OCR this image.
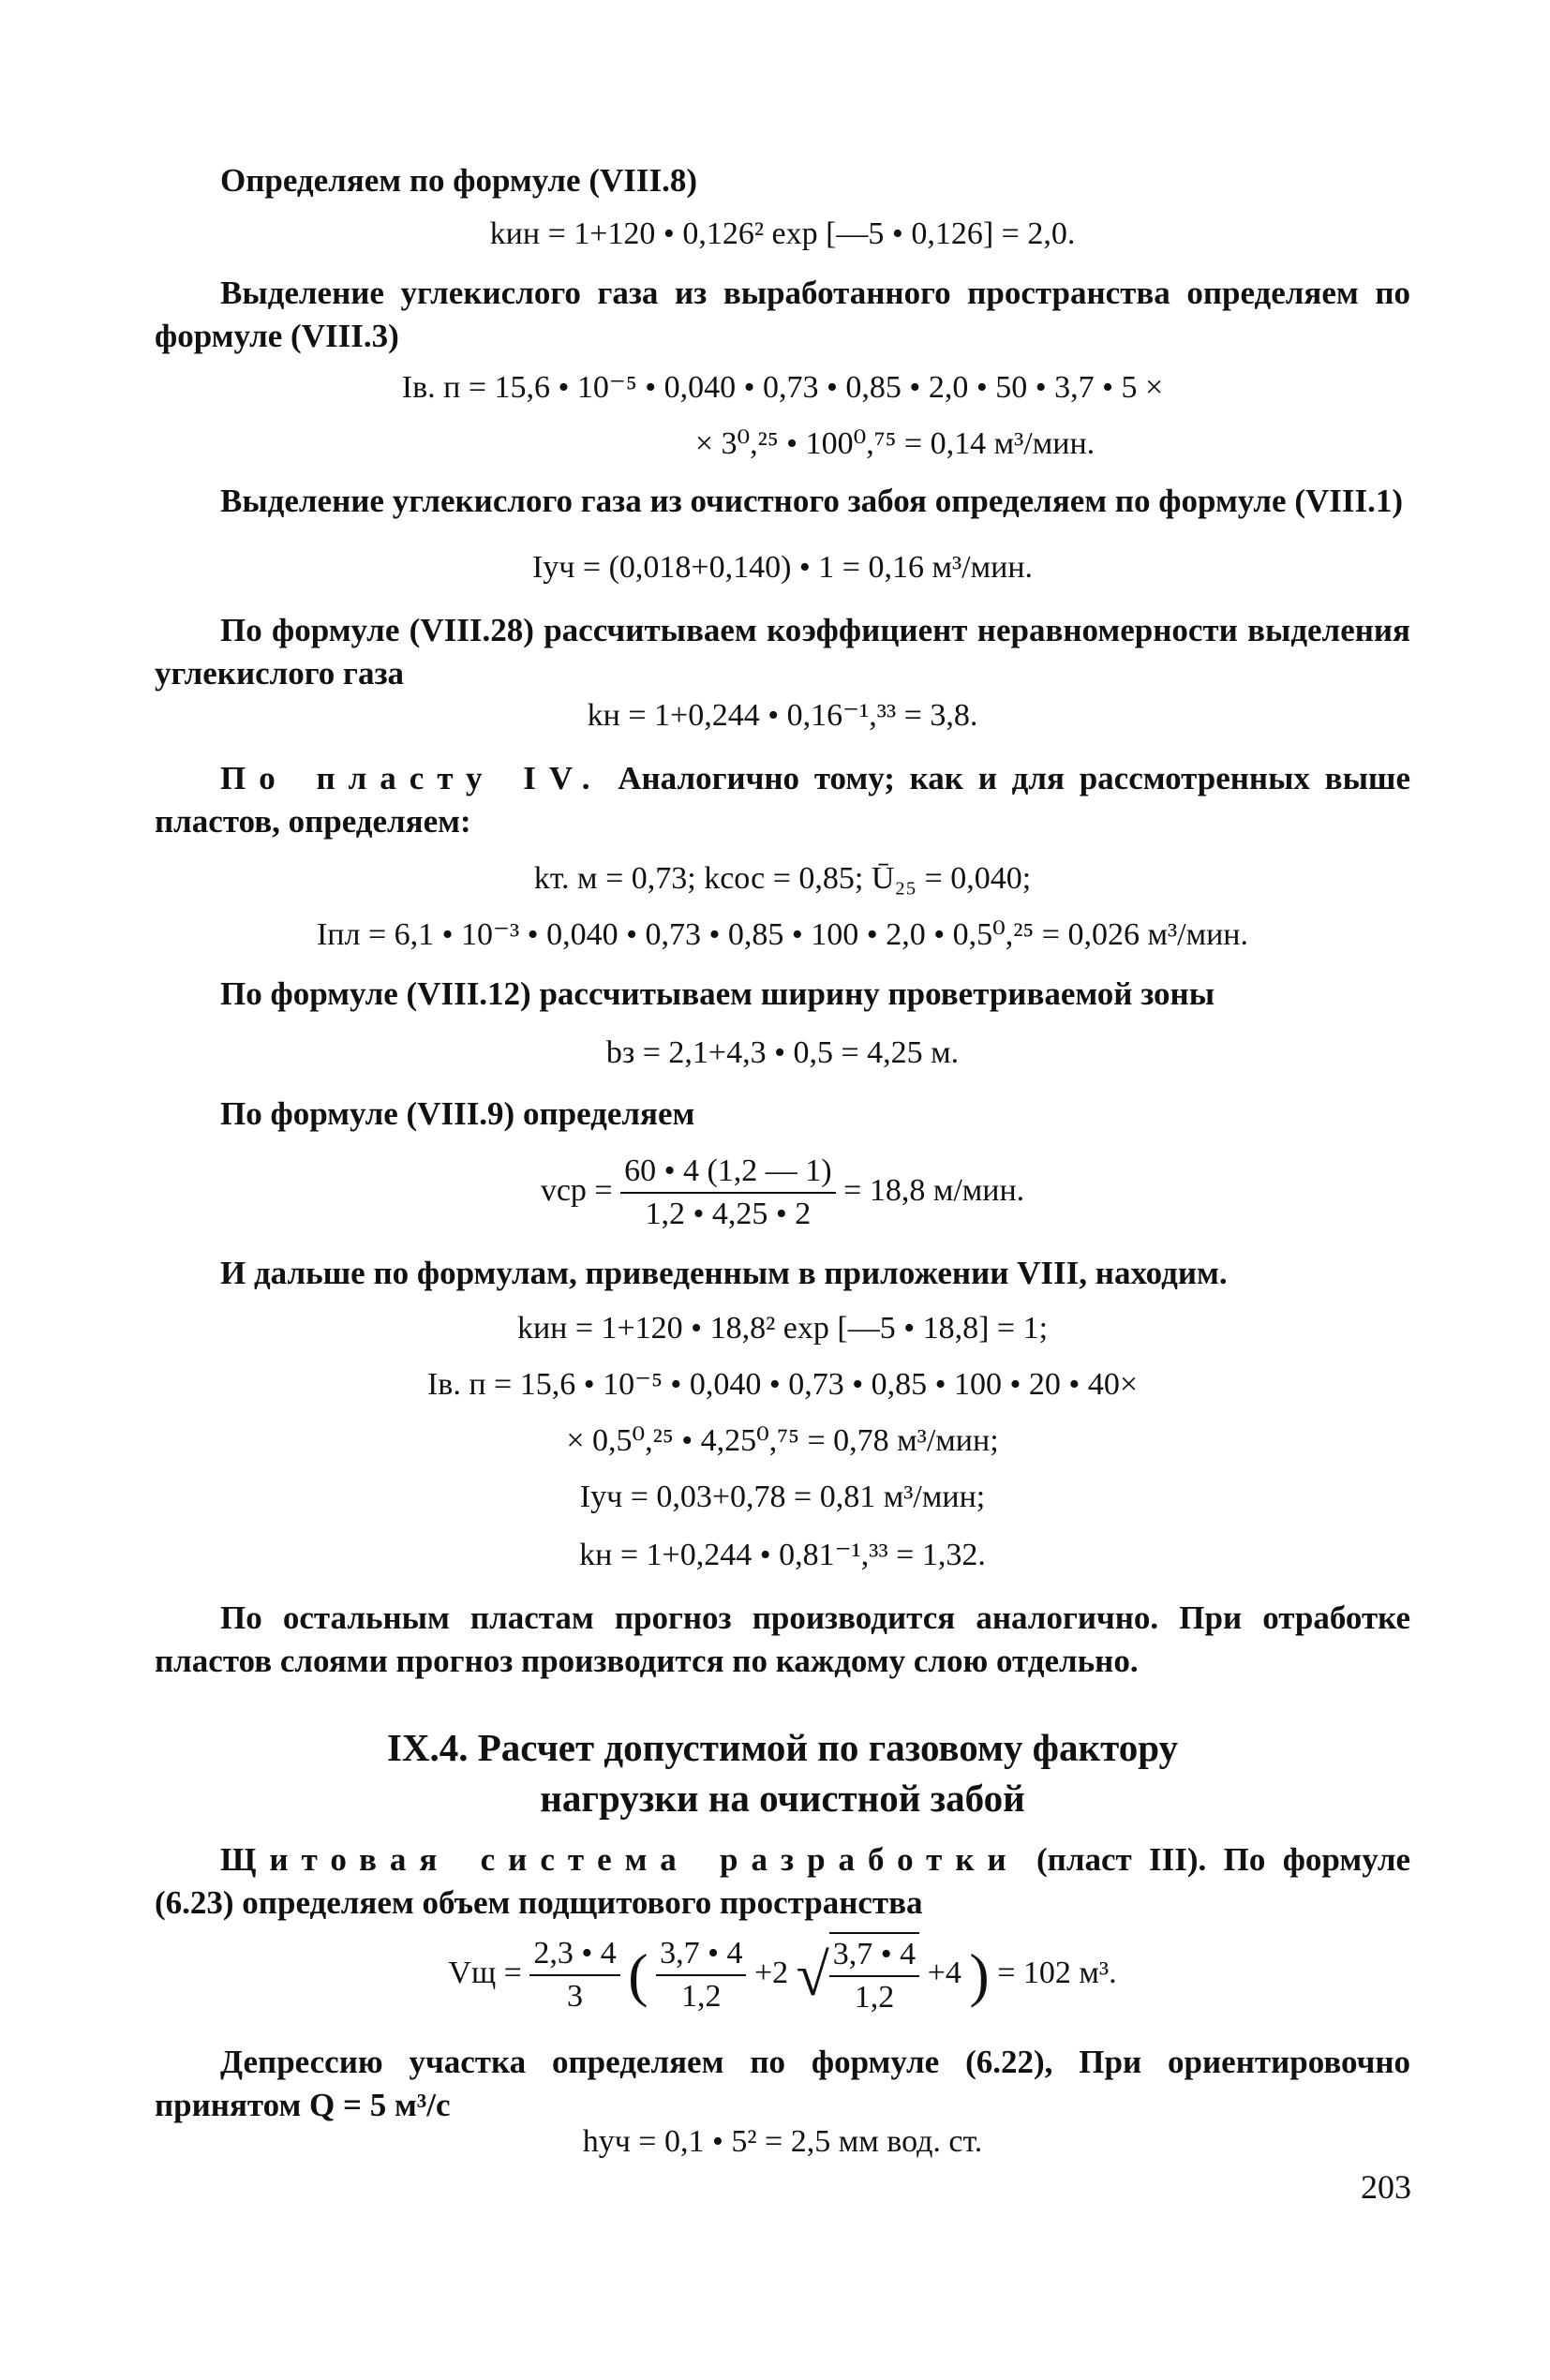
Определяем по формуле (VIII.8)
kин = 1+120 • 0,126² exp [—5 • 0,126] = 2,0.
Выделение углекислого газа из выработанного пространства определяем по формуле (VIII.3)
Iв. п = 15,6 • 10⁻⁵ • 0,040 • 0,73 • 0,85 • 2,0 • 50 • 3,7 • 5 ×
× 3⁰,²⁵ • 100⁰,⁷⁵ = 0,14 м³/мин.
Выделение углекислого газа из очистного забоя определяем по формуле (VIII.1)
Iуч = (0,018+0,140) • 1 = 0,16 м³/мин.
По формуле (VIII.28) рассчитываем коэффициент неравномерности выделения углекислого газа
kн = 1+0,244 • 0,16⁻¹,³³ = 3,8.
По пласту IV. Аналогично тому; как и для рассмотренных выше пластов, определяем:
kт. м = 0,73; kсос = 0,85; Ū₂₅ = 0,040;
Iпл = 6,1 • 10⁻³ • 0,040 • 0,73 • 0,85 • 100 • 2,0 • 0,5⁰,²⁵ = 0,026 м³/мин.
По формуле (VIII.12) рассчитываем ширину проветриваемой зоны
bз = 2,1+4,3 • 0,5 = 4,25 м.
По формуле (VIII.9) определяем
vср = $\frac{60 • 4 (1,2 — 1)}{1,2 • 4,25 • 2} = 18,8$ м/мин.
И дальше по формулам, приведенным в приложении VIII, находим.
kин = 1+120 • 18,8² exp [—5 • 18,8] = 1;
Iв. п = 15,6 • 10⁻⁵ • 0,040 • 0,73 • 0,85 • 100 • 20 • 40×
× 0,5⁰,²⁵ • 4,25⁰,⁷⁵ = 0,78 м³/мин;
Iуч = 0,03+0,78 = 0,81 м³/мин;
kн = 1+0,244 • 0,81⁻¹,³³ = 1,32.
По остальным пластам прогноз производится аналогично. При отработке пластов слоями прогноз производится по каждому слою отдельно.
IX.4. Расчет допустимой по газовому фактору
нагрузки на очистной забой
Щитовая система разработки (пласт III). По формуле (6.23) определяем объем подщитового пространства
Vщ = $\frac{2,3 • 4}{3}$ ( $\frac{3,7 • 4}{1,2} +2$ √ $\frac{3,7 • 4}{1,2} +4$ ) = 102 м³.
Депрессию участка определяем по формуле (6.22), При ориентировочно принятом Q = 5 м³/с
hуч = 0,1 • 5² = 2,5 мм вод. ст.
203
